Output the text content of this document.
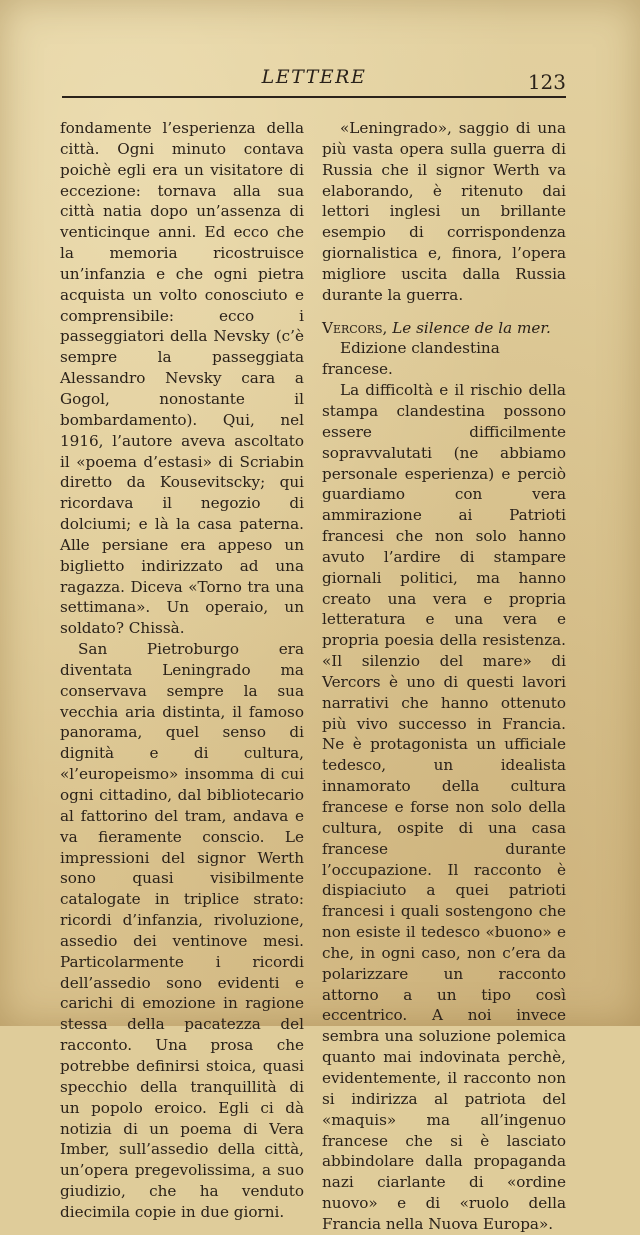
LETTERE	123

fondamente l’esperienza della città. Ogni minuto contava poichè egli era un visitatore di eccezione: tornava alla sua città natia dopo un’assenza di venticinque anni. Ed ecco che la memoria ricostruisce un’infanzia e che ogni pietra acquista un volto conosciuto e comprensibile: ecco i passeggiatori della Nevsky (c’è sempre la passeggiata Alessandro Nevsky cara a Gogol, nonostante il bombardamento). Qui, nel 1916, l’autore aveva ascoltato il «poema d’estasi» di Scriabin diretto da Kousevitscky; qui ricordava il negozio di dolciumi; e là la casa paterna. Alle persiane era appeso un biglietto indirizzato ad una ragazza. Diceva «Torno tra una settimana». Un operaio, un soldato? Chissà.

San Pietroburgo era diventata Leningrado ma conservava sempre la sua vecchia aria distinta, il famoso panorama, quel senso di dignità e di cultura, «l’europeismo» insomma di cui ogni cittadino, dal bibliotecario al fattorino del tram, andava e va fieramente conscio. Le impressioni del signor Werth sono quasi visibilmente catalogate in triplice strato: ricordi d’infanzia, rivoluzione, assedio dei ventinove mesi. Particolarmente i ricordi dell’assedio sono evidenti e carichi di emozione in ragione stessa della pacatezza del racconto. Una prosa che potrebbe definirsi stoica, quasi specchio della tranquillità di un popolo eroico. Egli ci dà notizia di un poema di Vera Imber, sull’assedio della città, un’opera pregevolissima, a suo giudizio, che ha venduto diecimila copie in due giorni.

«Leningrado», saggio di una più vasta opera sulla guerra di Russia che il signor Werth va elaborando, è ritenuto dai lettori inglesi un brillante esempio di corrispondenza giornalistica e, finora, l’opera migliore uscita dalla Russia durante la guerra.

Vercors, Le silence de la mer.

Edizione clandestina francese.

La difficoltà e il rischio della stampa clandestina possono essere difficilmente sopravvalutati (ne abbiamo personale esperienza) e perciò guardiamo con vera ammirazione ai Patrioti francesi che non solo hanno avuto l’ardire di stampare giornali politici, ma hanno creato una vera e propria letteratura e una vera e propria poesia della resistenza. «Il silenzio del mare» di Vercors è uno di questi lavori narrativi che hanno ottenuto più vivo successo in Francia. Ne è protagonista un ufficiale tedesco, un idealista innamorato della cultura francese e forse non solo della cultura, ospite di una casa francese durante l’occupazione. Il racconto è dispiaciuto a quei patrioti francesi i quali sostengono che non esiste il tedesco «buono» e che, in ogni caso, non c’era da polarizzare un racconto attorno a un tipo così eccentrico. A noi invece sembra una soluzione polemica quanto mai indovinata perchè, evidentemente, il racconto non si indirizza al patriota del «maquis» ma all’ingenuo francese che si è lasciato abbindolare dalla propaganda nazi ciarlante di «ordine nuovo» e di «ruolo della Francia nella Nuova Europa».
